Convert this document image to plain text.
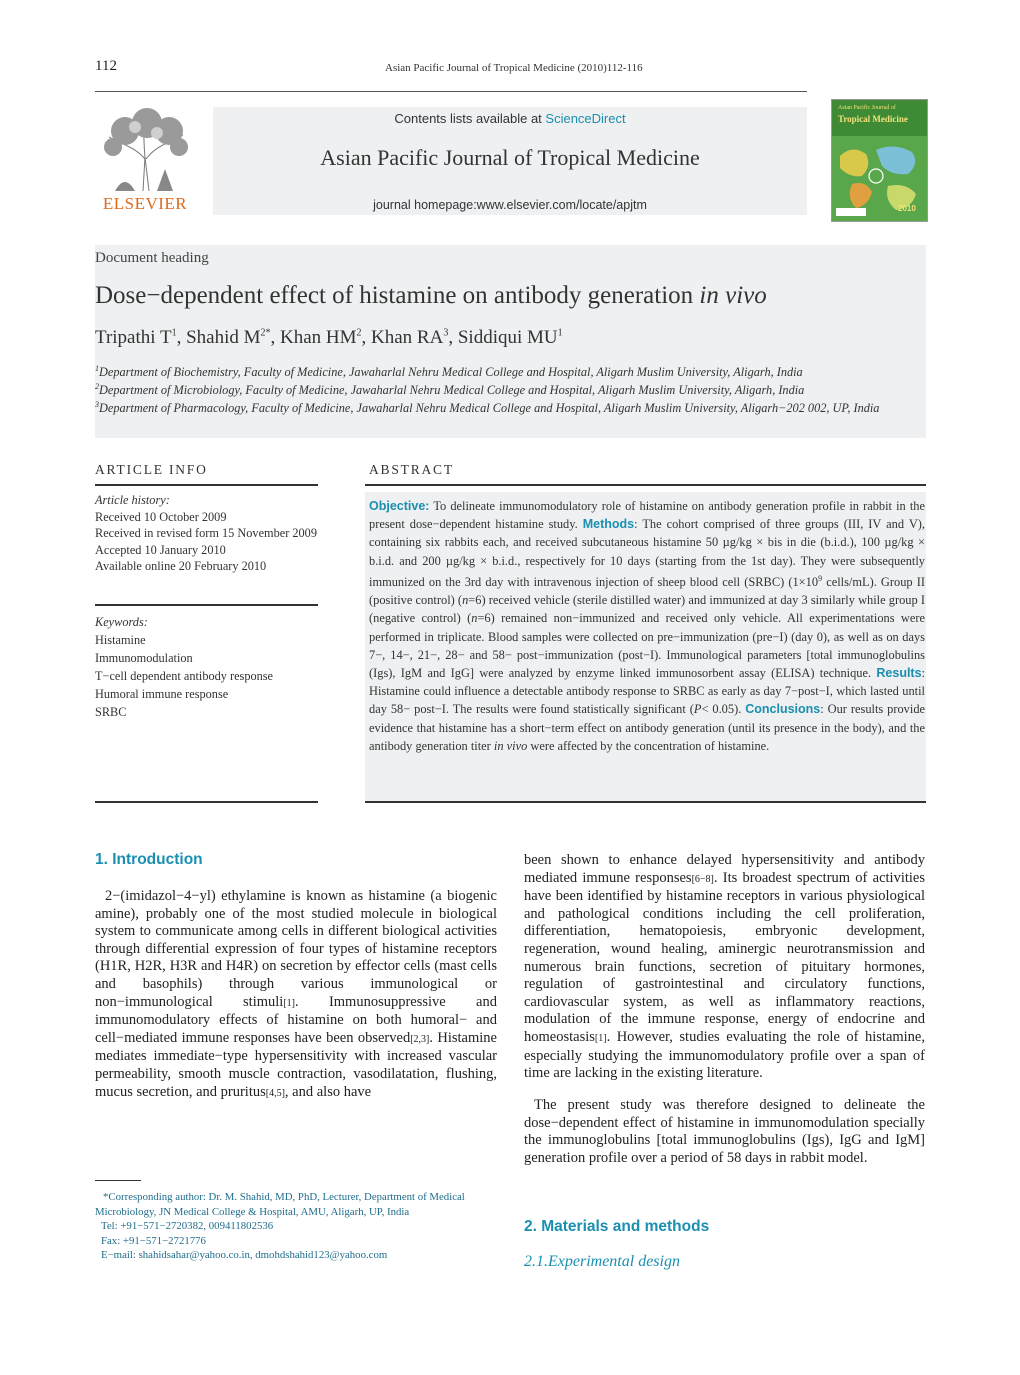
112	Asian Pacific Journal of Tropical Medicine (2010)112-116
ELSEVIER
Contents lists available at ScienceDirect
Asian Pacific Journal of Tropical Medicine
journal homepage:www.elsevier.com/locate/apjtm
Asian Pacific Journal of
Tropical Medicine
2010
Document heading
Dose−dependent effect of histamine on antibody generation in vivo
Tripathi $T^1$, Shahid $M^{2*}$, Khan $HM^2$, Khan $RA^3$, Siddiqui $MU^1$
$^1$Department of Biochemistry, Faculty of Medicine, Jawaharlal Nehru Medical College and Hospital, Aligarh Muslim University, Aligarh, India
$^2$Department of Microbiology, Faculty of Medicine, Jawaharlal Nehru Medical College and Hospital, Aligarh Muslim University, Aligarh, India
$^3$Department of Pharmacology, Faculty of Medicine, Jawaharlal Nehru Medical College and Hospital, Aligarh Muslim University, Aligarh−202 002, UP, India
ARTICLE INFO
Article history:
Received 10 October 2009
Received in revised form 15 November 2009
Accepted 10 January 2010
Available online 20 February 2010
Keywords:
Histamine
Immunomodulation
T−cell dependent antibody response
Humoral immune response
SRBC
ABSTRACT
Objective: To delineate immunomodulatory role of histamine on antibody generation profile in rabbit in the present dose−dependent histamine study. Methods: The cohort comprised of three groups (III, IV and V), containing six rabbits each, and received subcutaneous histamine 50 µg/kg × bis in die (b.i.d.), 100 µg/kg × b.i.d. and 200 µg/kg × b.i.d., respectively for 10 days (starting from the 1st day). They were subsequently immunized on the 3rd day with intravenous injection of sheep blood cell (SRBC) ($1\times 10^9$ cells/mL). Group II (positive control) (n=6) received vehicle (sterile distilled water) and immunized at day 3 similarly while group I (negative control) (n=6) remained non−immunized and received only vehicle. All experimentations were performed in triplicate. Blood samples were collected on pre−immunization (pre−I) (day 0), as well as on days 7−, 14−, 21−, 28− and 58− post−immunization (post−I). Immunological parameters [total immunoglobulins (Igs), IgM and IgG] were analyzed by enzyme linked immunosorbent assay (ELISA) technique. Results: Histamine could influence a detectable antibody response to SRBC as early as day 7−post−I, which lasted until day 58− post−I. The results were found statistically significant (P< 0.05). Conclusions: Our results provide evidence that histamine has a short−term effect on antibody generation (until its presence in the body), and the antibody generation titer in vivo were affected by the concentration of histamine.
1. Introduction
2−(imidazol−4−yl) ethylamine is known as histamine (a biogenic amine), probably one of the most studied molecule in biological system to communicate among cells in different biological activities through differential expression of four types of histamine receptors (H1R, H2R, H3R and H4R) on secretion by effector cells (mast cells and basophils) through various immunological or non−immunological stimuli[1]. Immunosuppressive and immunomodulatory effects of histamine on both humoral− and cell−mediated immune responses have been observed[2,3]. Histamine mediates immediate−type hypersensitivity with increased vascular permeability, smooth muscle contraction, vasodilatation, flushing, mucus secretion, and pruritus[4,5], and also have
*Corresponding author: Dr. M. Shahid, MD, PhD, Lecturer, Department of Medical Microbiology, JN Medical College & Hospital, AMU, Aligarh, UP, India
Tel: +91−571−2720382, 009411802536
Fax: +91−571−2721776
E−mail: shahidsahar@yahoo.co.in, dmohdshahid123@yahoo.com
been shown to enhance delayed hypersensitivity and antibody mediated immune responses[6−8]. Its broadest spectrum of activities have been identified by histamine receptors in various physiological and pathological conditions including the cell proliferation, differentiation, hematopoiesis, embryonic development, regeneration, wound healing, aminergic neurotransmission and numerous brain functions, secretion of pituitary hormones, regulation of gastrointestinal and circulatory functions, cardiovascular system, as well as inflammatory reactions, modulation of the immune response, energy of endocrine and homeostasis[1]. However, studies evaluating the role of histamine, especially studying the immunomodulatory profile over a span of time are lacking in the existing literature.
The present study was therefore designed to delineate the dose−dependent effect of histamine in immunomodulation specially the immunoglobulins [total immunoglobulins (Igs), IgG and IgM] generation profile over a period of 58 days in rabbit model.
2. Materials and methods
2.1.Experimental design
